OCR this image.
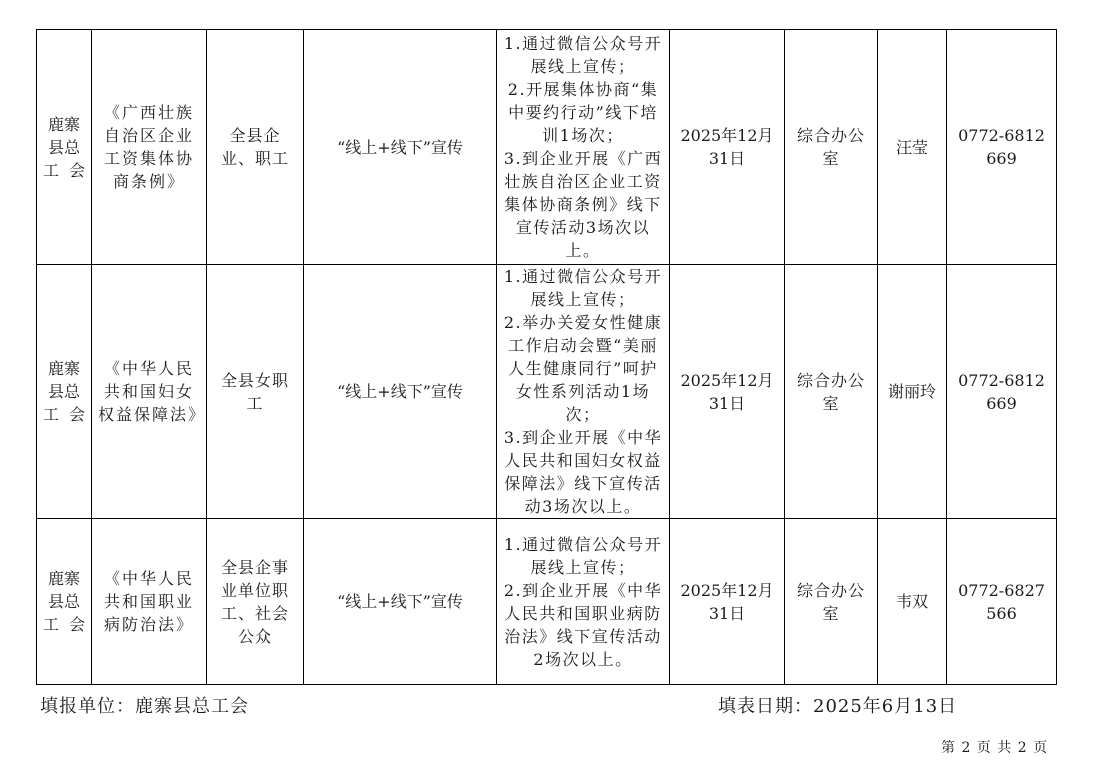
鹿寨县总工会	《广西壮族自治区企业工资集体协商条例》	全县企业、职工	“线上+线下”宣传	1.通过微信公众号开展线上宣传；
2.开展集体协商“集中要约行动”线下培训1场次；
3.到企业开展《广西壮族自治区企业工资集体协商条例》线下宣传活动3场次以上。	2025年12月31日	综合办公室	汪莹	0772-6812669
鹿寨县总工会	《中华人民共和国妇女权益保障法》	全县女职工	“线上+线下”宣传	1.通过微信公众号开展线上宣传；
2.举办关爱女性健康工作启动会暨“美丽人生健康同行”呵护女性系列活动1场次；
3.到企业开展《中华人民共和国妇女权益保障法》线下宣传活动3场次以上。	2025年12月31日	综合办公室	谢丽玲	0772-6812669
鹿寨县总工会	《中华人民共和国职业病防治法》	全县企事业单位职工、社会公众	“线上+线下”宣传	1.通过微信公众号开展线上宣传；
2.到企业开展《中华人民共和国职业病防治法》线下宣传活动2场次以上。	2025年12月31日	综合办公室	韦双	0772-6827566
填报单位：鹿寨县总工会	填表日期：2025年6月13日
第 2 页 共 2 页
